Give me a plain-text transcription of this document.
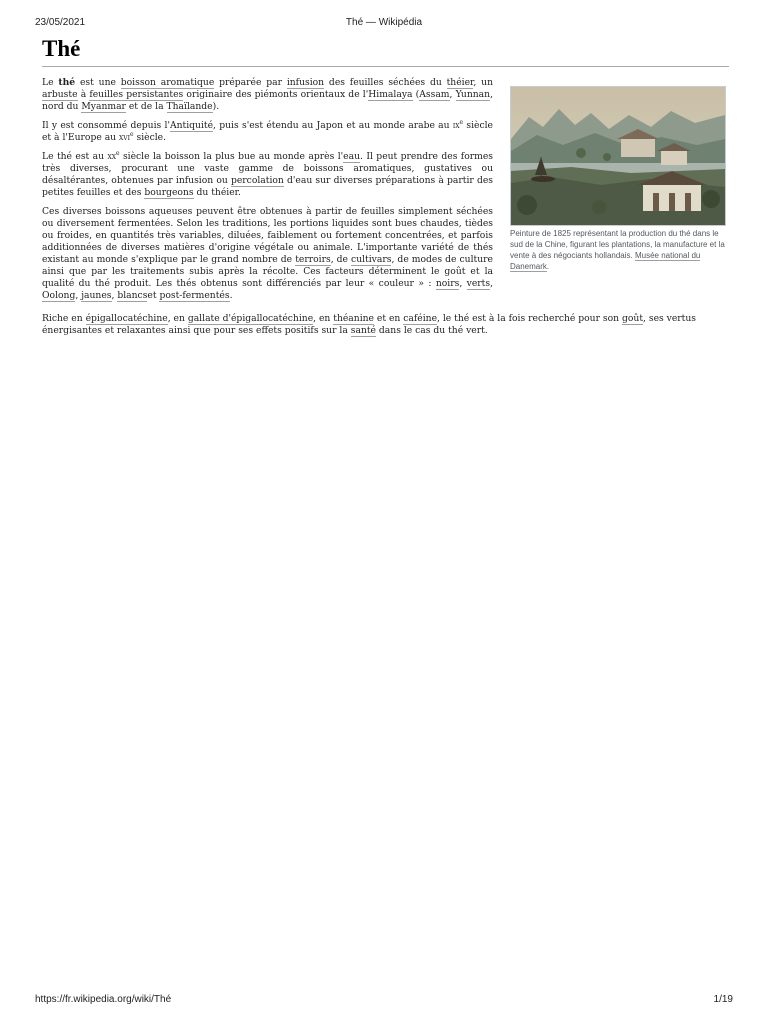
23/05/2021	Thé — Wikipédia
Thé

Le thé est une boisson aromatique préparée par infusion des feuilles séchées du théier, un arbuste à feuilles persistantes originaire des piémonts orientaux de l'Himalaya (Assam, Yunnan, nord du Myanmar et de la Thaïlande).

Il y est consommé depuis l'Antiquité, puis s'est étendu au Japon et au monde arabe au $ix^e$ siècle et à l'Europe au xvi$^e$ siècle.

Le thé est au $xx^e$ siècle la boisson la plus bue au monde après l'eau. Il peut prendre des formes très diverses, procurant une vaste gamme de boissons aromatiques, gustatives ou désaltérantes, obtenues par infusion ou percolation d'eau sur diverses préparations à partir des petites feuilles et des bourgeons du théier.

Ces diverses boissons aqueuses peuvent être obtenues à partir de feuilles simplement séchées ou diversement fermentées. Selon les traditions, les portions liquides sont bues chaudes, tièdes ou froides, en quantités très variables, diluées, faiblement ou fortement concentrées, et parfois additionnées de diverses matières d'origine végétale ou animale. L'importante variété de thés existant au monde s'explique par le grand nombre de terroirs, de cultivars, de modes de culture ainsi que par les traitements subis après la récolte. Ces facteurs déterminent le goût et la qualité du thé produit. Les thés obtenus sont différenciés par leur « couleur » : noirs, verts, Oolong, jaunes, blancset post-fermentés.

Riche en épigallocatéchine, en gallate d'épigallocatéchine, en théanine et en caféine, le thé est à la fois recherché pour son goût, ses vertus énergisantes et relaxantes ainsi que pour ses effets positifs sur la santé dans le cas du thé vert.

Peinture de 1825 représentant la production du thé dans le sud de la Chine, figurant les plantations, la manufacture et la vente à des négociants hollandais. Musée national du Danemark.
https://fr.wikipedia.org/wiki/Thé	1/19
